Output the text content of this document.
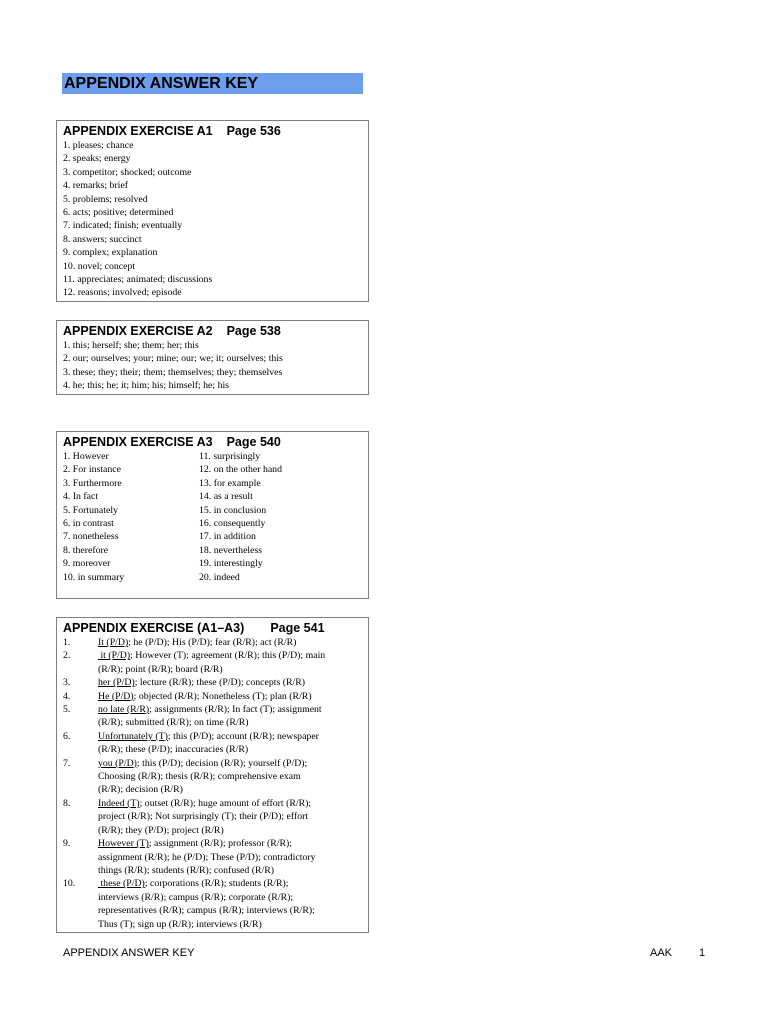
APPENDIX ANSWER KEY
APPENDIX EXERCISE A1 Page 536
1. pleases; chance
2. speaks; energy
3. competitor; shocked; outcome
4. remarks; brief
5. problems; resolved
6. acts; positive; determined
7. indicated; finish; eventually
8. answers; succinct
9. complex; explanation
10. novel; concept
11. appreciates; animated; discussions
12. reasons; involved; episode
APPENDIX EXERCISE A2 Page 538
1. this; herself; she; them; her; this
2. our; ourselves; your; mine; our; we; it; ourselves; this
3. these; they; their; them; themselves; they; themselves
4. he; this; he; it; him; his; himself; he; his
APPENDIX EXERCISE A3 Page 540
1. However
2. For instance
3. Furthermore
4. In fact
5. Fortunately
6. in contrast
7. nonetheless
8. therefore
9. moreover
10. in summary
11. surprisingly
12. on the other hand
13. for example
14. as a result
15. in conclusion
16. consequently
17. in addition
18. nevertheless
19. interestingly
20. indeed
APPENDIX EXERCISE (A1–A3) Page 541
1.	It (P/D); he (P/D); His (P/D); fear (R/R); act (R/R)
2.	it (P/D); However (T); agreement (R/R); this (P/D); main
(R/R); point (R/R); board (R/R)
3.	her (P/D); lecture (R/R); these (P/D); concepts (R/R)
4.	He (P/D); objected (R/R); Nonetheless (T); plan (R/R)
5.	no late (R/R); assignments (R/R); In fact (T); assignment
(R/R); submitted (R/R); on time (R/R)
6.	Unfortunately (T); this (P/D); account (R/R); newspaper
(R/R); these (P/D); inaccuracies (R/R)
7.	you (P/D); this (P/D); decision (R/R); yourself (P/D);
Choosing (R/R); thesis (R/R); comprehensive exam
(R/R); decision (R/R)
8.	Indeed (T); outset (R/R); huge amount of effort (R/R);
project (R/R); Not surprisingly (T); their (P/D); effort
(R/R); they (P/D); project (R/R)
9.	However (T); assignment (R/R); professor (R/R);
assignment (R/R); he (P/D); These (P/D); contradictory
things (R/R); students (R/R); confused (R/R)
10.	these (P/D); corporations (R/R); students (R/R);
interviews (R/R); campus (R/R); corporate (R/R);
representatives (R/R); campus (R/R); interviews (R/R);
Thus (T); sign up (R/R); interviews (R/R)
APPENDIX ANSWER KEY	AAK 1
